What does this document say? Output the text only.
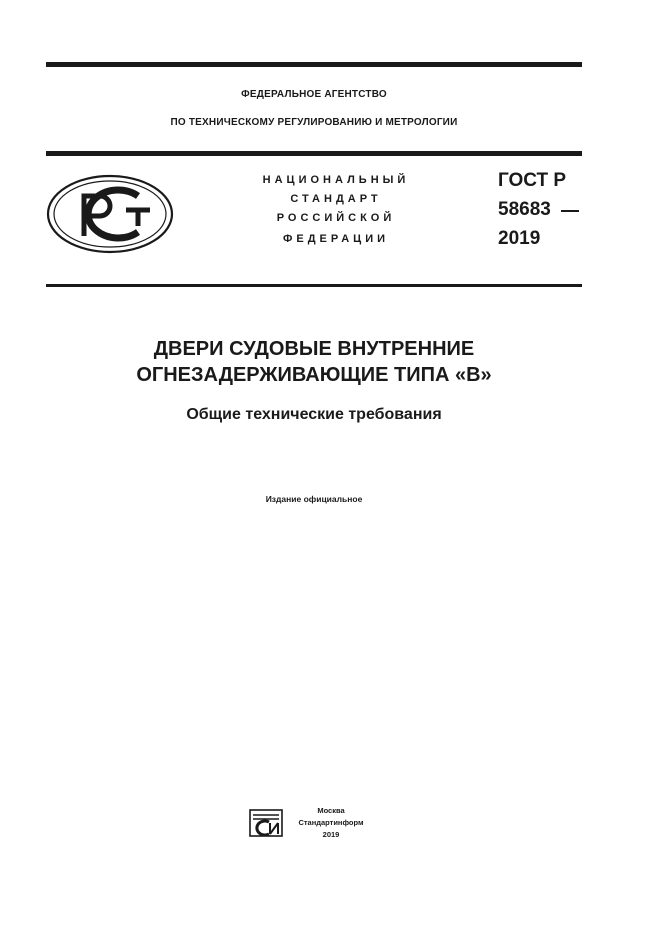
ФЕДЕРАЛЬНОЕ АГЕНТСТВО
ПО ТЕХНИЧЕСКОМУ РЕГУЛИРОВАНИЮ И МЕТРОЛОГИИ
НАЦИОНАЛЬНЫЙ
СТАНДАРТ
РОССИЙСКОЙ
ФЕДЕРАЦИИ
ГОСТ Р
58683
2019
ДВЕРИ СУДОВЫЕ ВНУТРЕННИЕ
ОГНЕЗАДЕРЖИВАЮЩИЕ ТИПА «В»
Общие технические требования
Издание официальное
Москва
Стандартинформ
2019
